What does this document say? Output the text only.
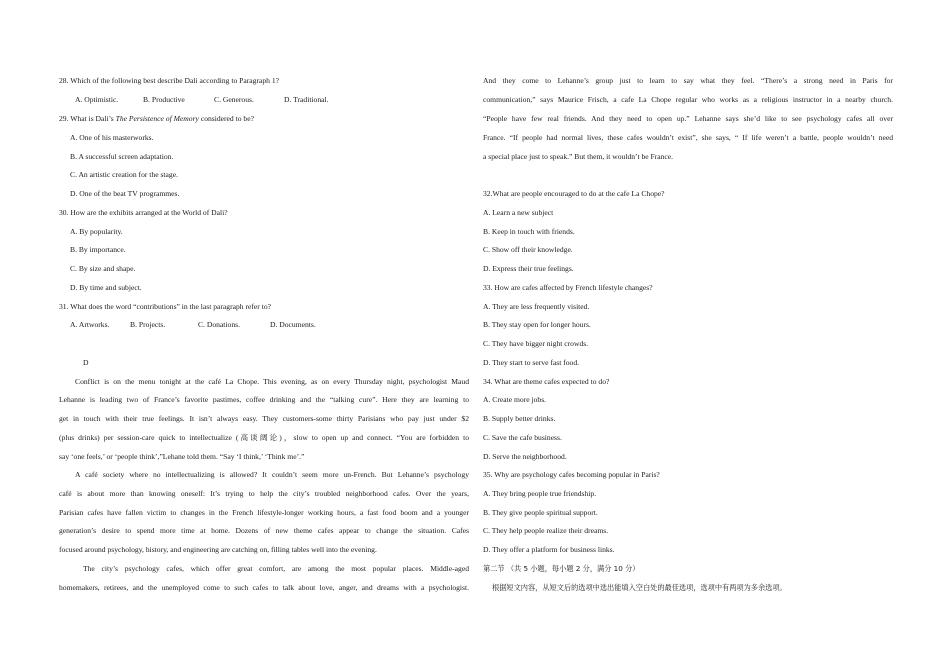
28. Which of the following best describe Dali according to Paragraph 1?
A. Optimistic.	B. Productive	C. Generous.	D. Traditional.
29. What is Dali’s The Persistence of Memory considered to be?
A. One of his masterworks.
B. A successful screen adaptation.
C. An artistic creation for the stage.
D. One of the beat TV programmes.
30. How are the exhibits arranged at the World of Dali?
A. By popularity.
B. By importance.
C. By size and shape.
D. By time and subject.
31. What does the word “contributions” in the last paragraph refer to?
A. Artworks.	B. Projects.	C. Donations.	D. Documents.
D
Conflict is on the menu tonight at the café La Chope. This evening, as on every Thursday night, psychologist Maud
Lehanne is leading two of France’s favorite pastimes, coffee drinking and the “talking cure”. Here they are learning to
get in touch with their true feelings. It isn’t always easy. They customers-some thirty Parisians who pay just under $2
(plus drinks) per session-care quick to intellectualize (高谈阔论)，slow to open up and connect. “You are forbidden to
say ‘one feels,’ or ‘people think’,”Lehane told them. “Say ‘I think,’ ‘Think me’.”
A café society where no intellectualizing is allowed? It couldn’t seem more un-French. But Lehanne’s psychology
café is about more than knowing oneself: It’s trying to help the city’s troubled neighborhood cafes. Over the years,
Parisian cafes have fallen victim to changes in the French lifestyle-longer working hours, a fast food boom and a younger
generation’s desire to spend more time at home. Dozens of new theme cafes appear to change the situation. Cafes
focused around psychology, history, and engineering are catching on, filling tables well into the evening.
The city’s psychology cafes, which offer great comfort, are among the most popular places. Middle-aged
homemakers, retirees, and the unemployed come to such cafes to talk about love, anger, and dreams with a psychologist.
And they come to Lehanne’s group just to learn to say what they feel. “There’s a strong need in Paris for
communication,” says Maurice Frisch, a cafe La Chope regular who works as a religious instructor in a nearby church.
“People have few real friends. And they need to open up.” Lehanne says she’d like to see psychology cafes all over
France. “If people had normal lives, these cafes wouldn’t exist”, she says, “ If life weren’t a battle, people wouldn’t need
a special place just to speak.” But them, it wouldn’t be France.
32.What are people encouraged to do at the cafe La Chope?
A. Learn a new subject
B. Keep in touch with friends.
C. Show off their knowledge.
D. Express their true feelings.
33. How are cafes affected by French lifestyle changes?
A. They are less frequently visited.
B. They stay open for longer hours.
C. They have bigger night crowds.
D. They start to serve fast food.
34. What are theme cafes expected to do?
A. Create more jobs.
B. Supply better drinks.
C. Save the cafe business.
D. Serve the neighborhood.
35. Why are psychology cafes becoming popular in Paris?
A. They bring people true friendship.
B. They give people spiritual support.
C. They help people realize their dreams.
D. They offer a platform for business links.
第二节 （共 5 小题，每小题 2 分，满分 10 分）
根据短文内容，从短文后的选项中选出能填入空白处的最佳选项，选项中有两项为多余选项。
